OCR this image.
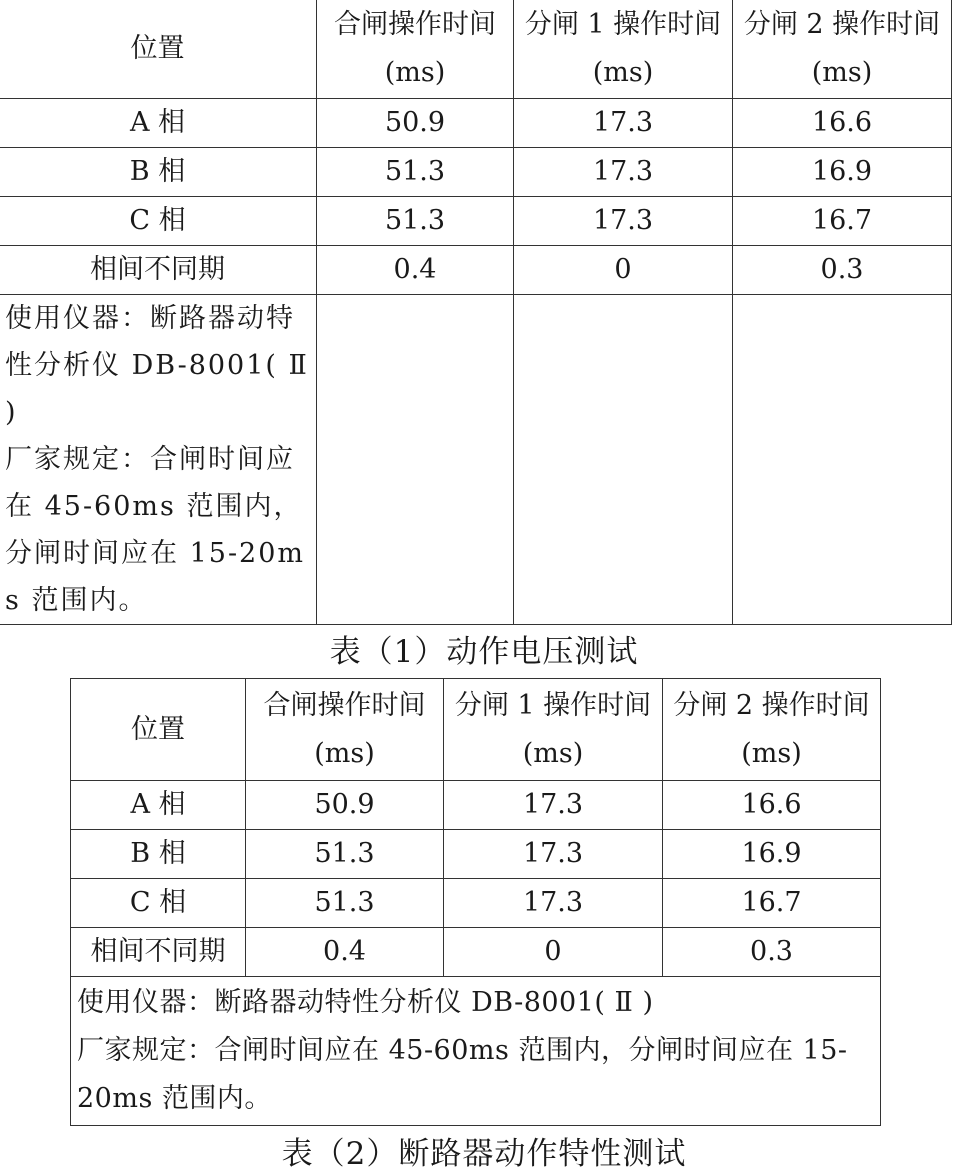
位置	合闸操作时间 (ms)	分闸 1 操作时间 (ms)	分闸 2 操作时间 (ms)
A 相	50.9	17.3	16.6
B 相	51.3	17.3	16.9
C 相	51.3	17.3	16.7
相间不同期	0.4	0	0.3

使用仪器：断路器动特性分析仪 DB-8001( Ⅱ )
厂家规定：合闸时间应在 45-60ms 范围内，分闸时间应在 15-20ms 范围内。			

表（1）动作电压测试
位置	合闸操作时间 (ms)	分闸 1 操作时间 (ms)	分闸 2 操作时间 (ms)
A 相	50.9	17.3	16.6
B 相	51.3	17.3	16.9
C 相	51.3	17.3	16.7
相间不同期	0.4	0	0.3

使用仪器：断路器动特性分析仪 DB-8001( Ⅱ )
厂家规定：合闸时间应在 45-60ms 范围内，分闸时间应在 15-20ms 范围内。			
表（2）断路器动作特性测试
